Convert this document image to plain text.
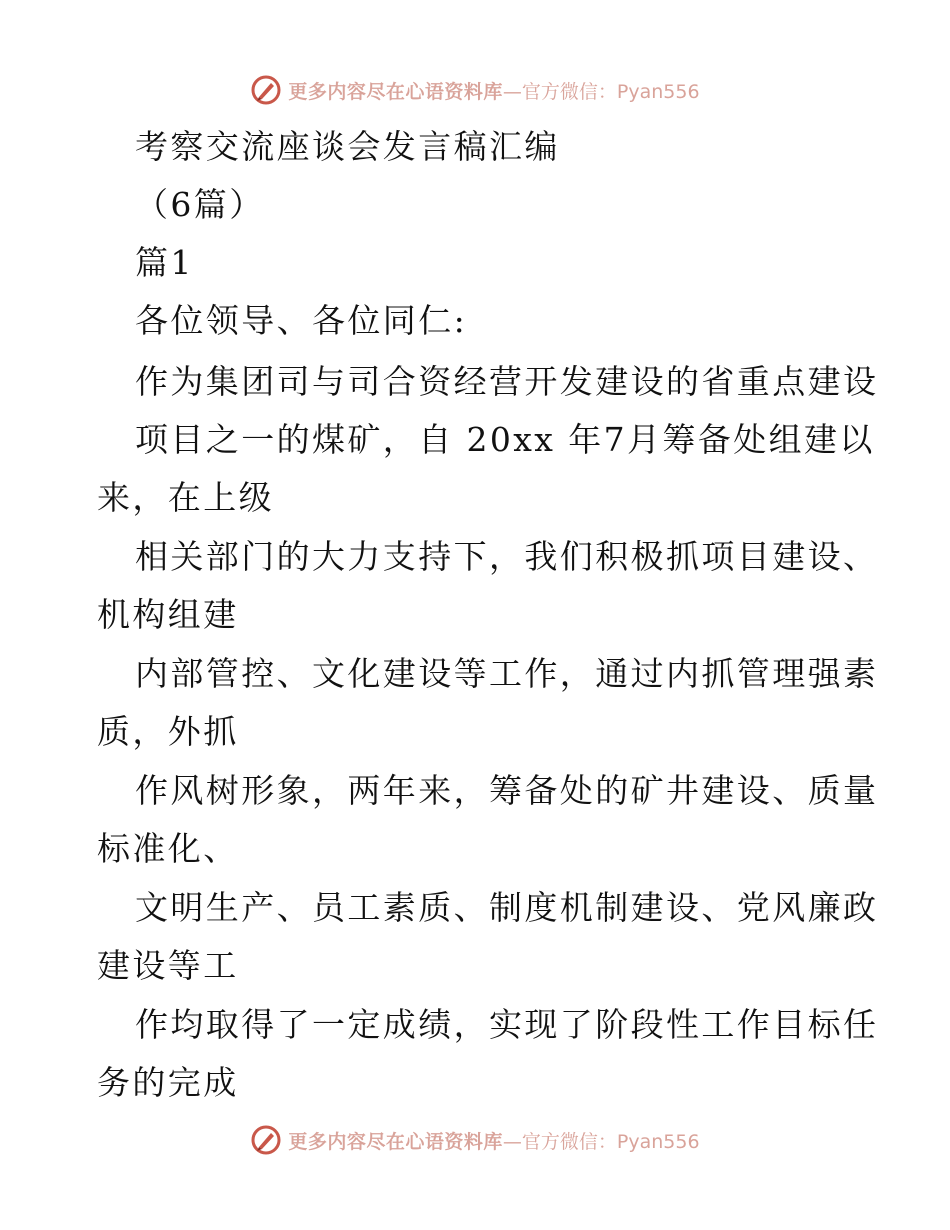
更多内容尽在心语资料库 —官方微信：Pyan556
考察交流座谈会发言稿汇编
（6篇）
篇1
各位领导、各位同仁:
作为集团司与司合资经营开发建设的省重点建设
项目之一的煤矿，自 20xx 年7月筹备处组建以
来，在上级
相关部门的大力支持下，我们积极抓项目建设、
机构组建
内部管控、文化建设等工作，通过内抓管理强素
质，外抓
作风树形象，两年来，筹备处的矿井建设、质量
标准化、
文明生产、员工素质、制度机制建设、党风廉政
建设等工
作均取得了一定成绩，实现了阶段性工作目标任
务的完成
更多内容尽在心语资料库 —官方微信：Pyan556
